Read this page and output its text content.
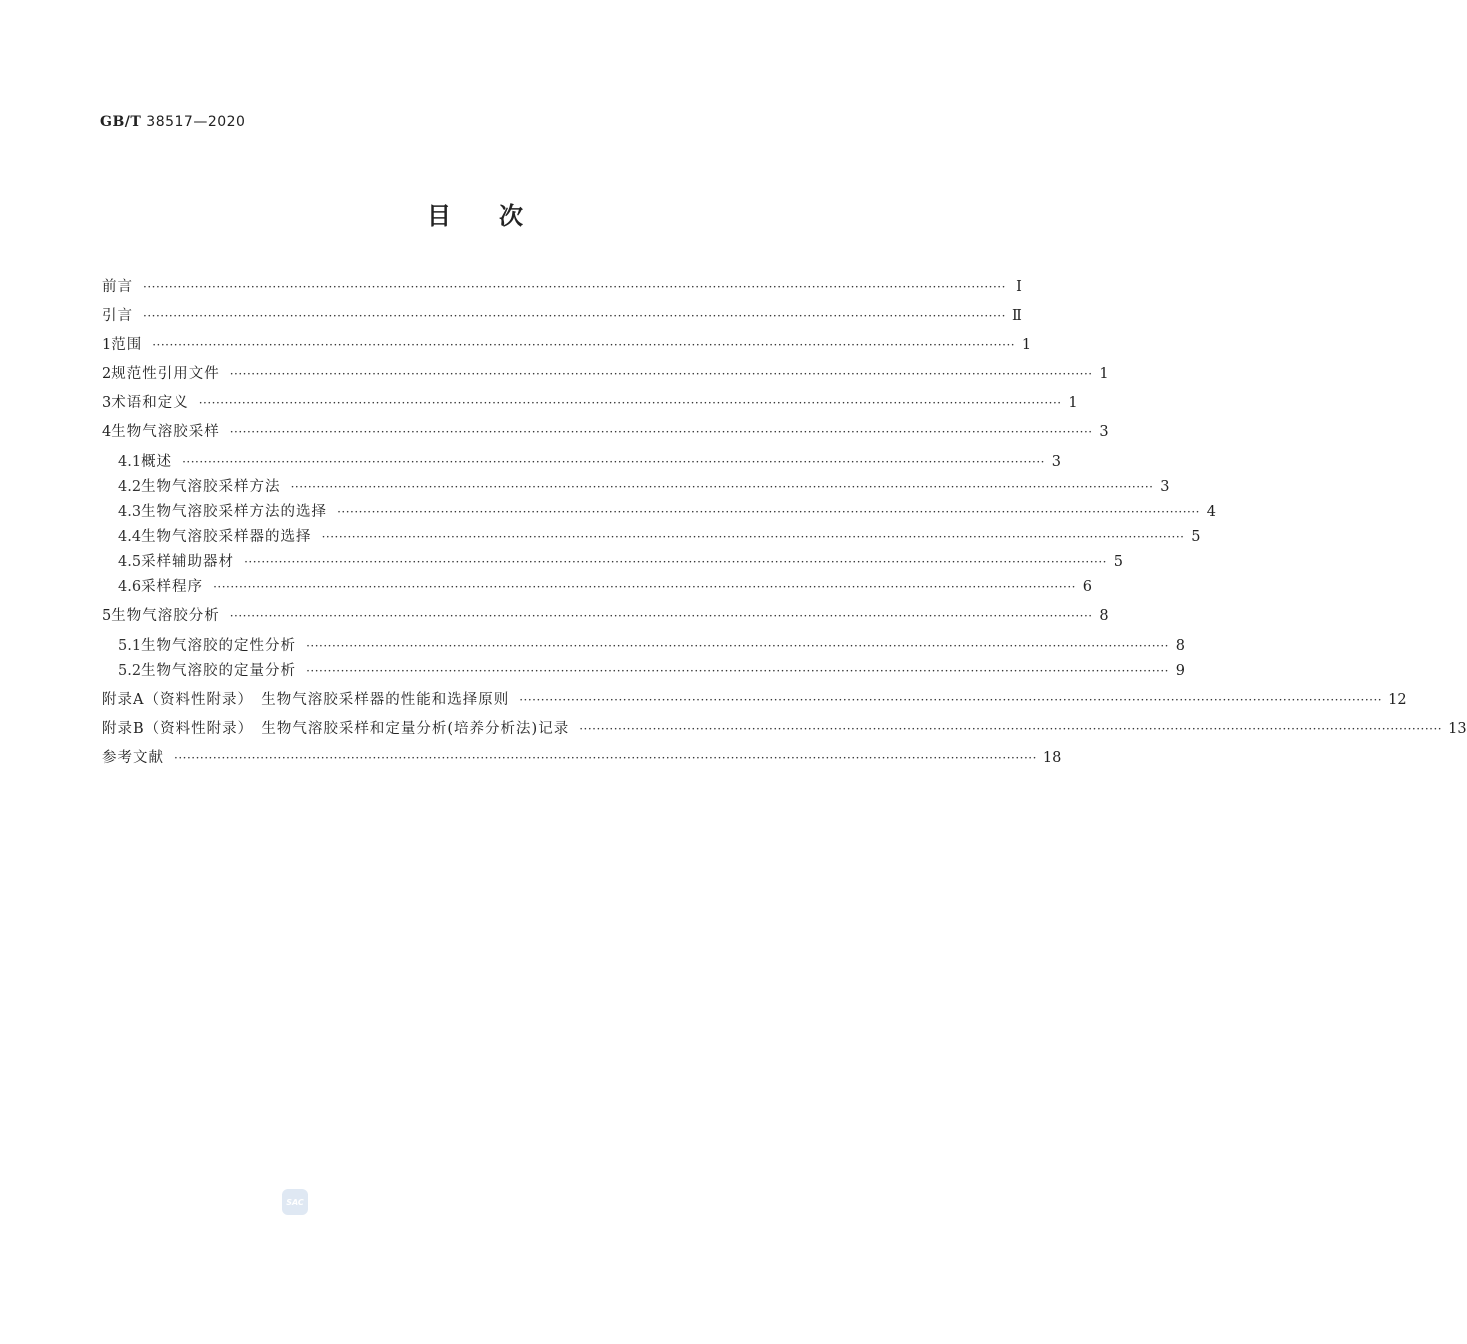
GB/T 38517—2020
目次
前言 ········································································································································································································ Ⅰ
引言 ········································································································································································································ Ⅱ
1 范围 ········································································································································································································ 1
2 规范性引用文件 ········································································································································································································ 1
3 术语和定义 ········································································································································································································ 1
4 生物气溶胶采样 ········································································································································································································ 3
4.1 概述 ········································································································································································································ 3
4.2 生物气溶胶采样方法 ········································································································································································································ 3
4.3 生物气溶胶采样方法的选择 ········································································································································································································ 4
4.4 生物气溶胶采样器的选择 ········································································································································································································ 5
4.5 采样辅助器材 ········································································································································································································ 5
4.6 采样程序 ········································································································································································································ 6
5 生物气溶胶分析 ········································································································································································································ 8
5.1 生物气溶胶的定性分析 ········································································································································································································ 8
5.2 生物气溶胶的定量分析 ········································································································································································································ 9
附录A（资料性附录）　生物气溶胶采样器的性能和选择原则 ········································································································································································································ 12
附录B（资料性附录）　生物气溶胶采样和定量分析(培养分析法)记录 ········································································································································································································ 13
参考文献 ········································································································································································································ 18
SAC
